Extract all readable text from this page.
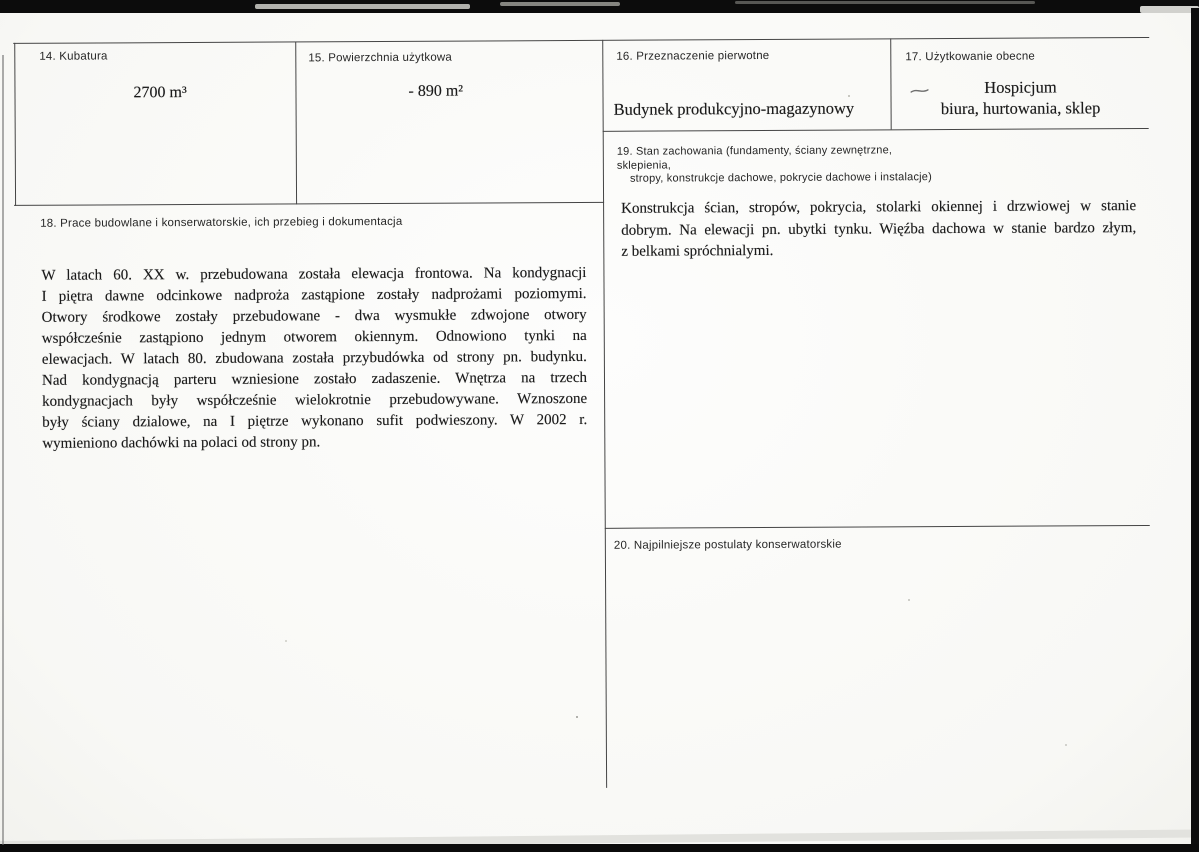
14. Kubatura
2700 m³
15. Powierzchnia użytkowa
- 890 m²
16. Przeznaczenie pierwotne
Budynek produkcyjno-magazynowy
17. Użytkowanie obecne
~	Hospicjum
biura, hurtowania, sklep
18. Prace budowlane i konserwatorskie, ich przebieg i dokumentacja
W latach 60. XX w. przebudowana została elewacja frontowa. Na kondygnacji
I piętra dawne odcinkowe nadproża zastąpione zostały nadprożami poziomymi.
Otwory środkowe zostały przebudowane - dwa wysmukłe zdwojone otwory
współcześnie zastąpiono jednym otworem okiennym. Odnowiono tynki na
elewacjach. W latach 80. zbudowana została przybudówka od strony pn. budynku.
Nad kondygnacją parteru wzniesione zostało zadaszenie. Wnętrza na trzech
kondygnacjach były współcześnie wielokrotnie przebudowywane. Wznoszone
były ściany dzialowe, na I piętrze wykonano sufit podwieszony. W 2002 r.
wymieniono dachówki na polaci od strony pn.
19. Stan zachowania (fundamenty, ściany zewnętrzne, sklepienia,
stropy, konstrukcje dachowe, pokrycie dachowe i instalacje)
Konstrukcja ścian, stropów, pokrycia, stolarki okiennej i drzwiowej w stanie
dobrym. Na elewacji pn. ubytki tynku. Więźba dachowa w stanie bardzo złym,
z belkami spróchnialymi.
20. Najpilniejsze postulaty konserwatorskie
